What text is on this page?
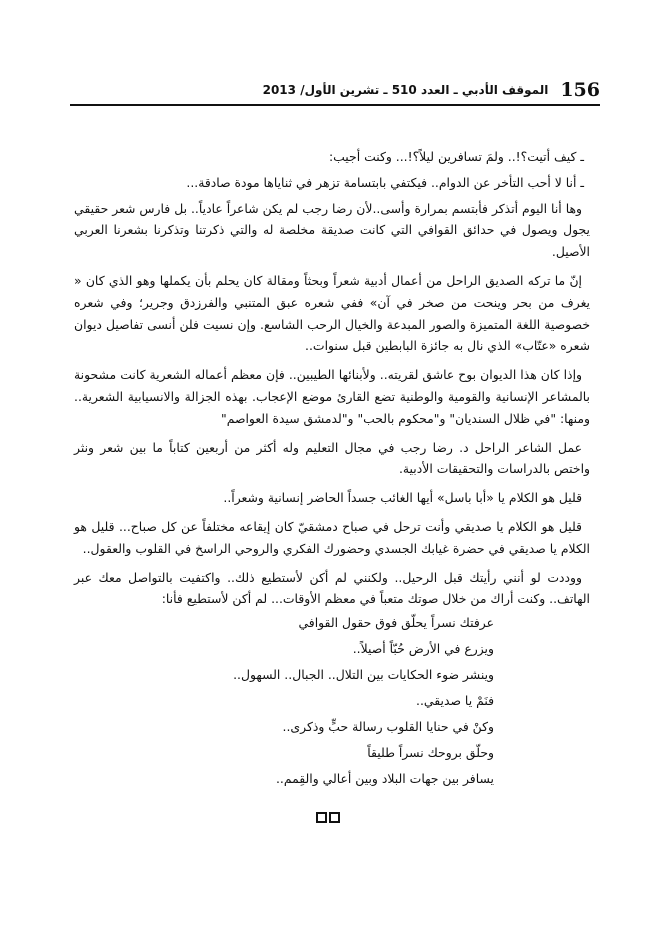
156
الموقف الأدبي ـ العدد 510 ـ تشرين الأول/ 2013

ـ كيف أتيت؟!.. ولمَ تسافرين ليلاً؟!... وكنت أجيب:

ـ أنا لا أحب التأخر عن الدوام.. فيكتفي بابتسامة تزهر في ثناياها مودة صادقة...

وها أنا اليوم أتذكر فأبتسم بمرارة وأسى..لأن رضا رجب لم يكن شاعراً عادياً.. بل فارس شعر حقيقي يجول ويصول في حدائق القوافي التي كانت صديقة مخلصة له والتي ذكرتنا وتذكرنا بشعرنا العربي الأصيل.

إنّ ما تركه الصديق الراحل من أعمال أدبية شعراً وبحثاً ومقالة كان يحلم بأن يكملها وهو الذي كان « يغرف من بحر وينحت من صخر في آن» ففي شعره عبق المتنبي والفرزدق وجرير؛ وفي شعره خصوصية اللغة المتميزة والصور المبدعة والخيال الرحب الشاسع. وإن نسيت فلن أنسى تفاصيل ديوان شعره «عتّاب» الذي نال به جائزة البابطين قبل سنوات..

وإذا كان هذا الديوان بوح عاشق لقريته.. ولأبنائها الطيبين.. فإن معظم أعماله الشعرية كانت مشحونة بالمشاعر الإنسانية والقومية والوطنية تضع القارئ موضع الإعجاب. بهذه الجزالة والانسيابية الشعرية.. ومنها: "في ظلال السنديان" و"محكوم بالحب" و"لدمشق سيدة العواصم"

عمل الشاعر الراحل د. رضا رجب في مجال التعليم وله أكثر من أربعين كتاباً ما بين شعر ونثر واختص بالدراسات والتحقيقات الأدبية.

قليل هو الكلام يا «أبا باسل» أيها الغائب جسداً الحاضر إنسانية وشعراً..

قليل هو الكلام يا صديقي وأنت ترحل في صباح دمشقيّ كان إيقاعه مختلفاً عن كل صباح... قليل هو الكلام يا صديقي في حضرة غيابك الجسدي وحضورك الفكري والروحي الراسخ في القلوب والعقول..

ووددت لو أنني رأيتك قبل الرحيل.. ولكنني لم أكن لأستطيع ذلك.. واكتفيت بالتواصل معك عبر الهاتف.. وكنت أراك من خلال صوتك متعباً في معظم الأوقات... لم أكن لأستطيع فأنا:

عرفتك نسراً يحلّق فوق حقول القوافي
ويزرع في الأرض حُبّاً أصيلاً..
وينشر ضوء الحكايات بين التلال.. الجبال.. السهول..
فنَمْ يا صديقي..
وكنْ في حنايا القلوب رسالة حبٍّ وذكرى..
وحلّق بروحك نسراً طليقاً
يسافر بين جهات البلاد وبين أعالي والقِمم..
